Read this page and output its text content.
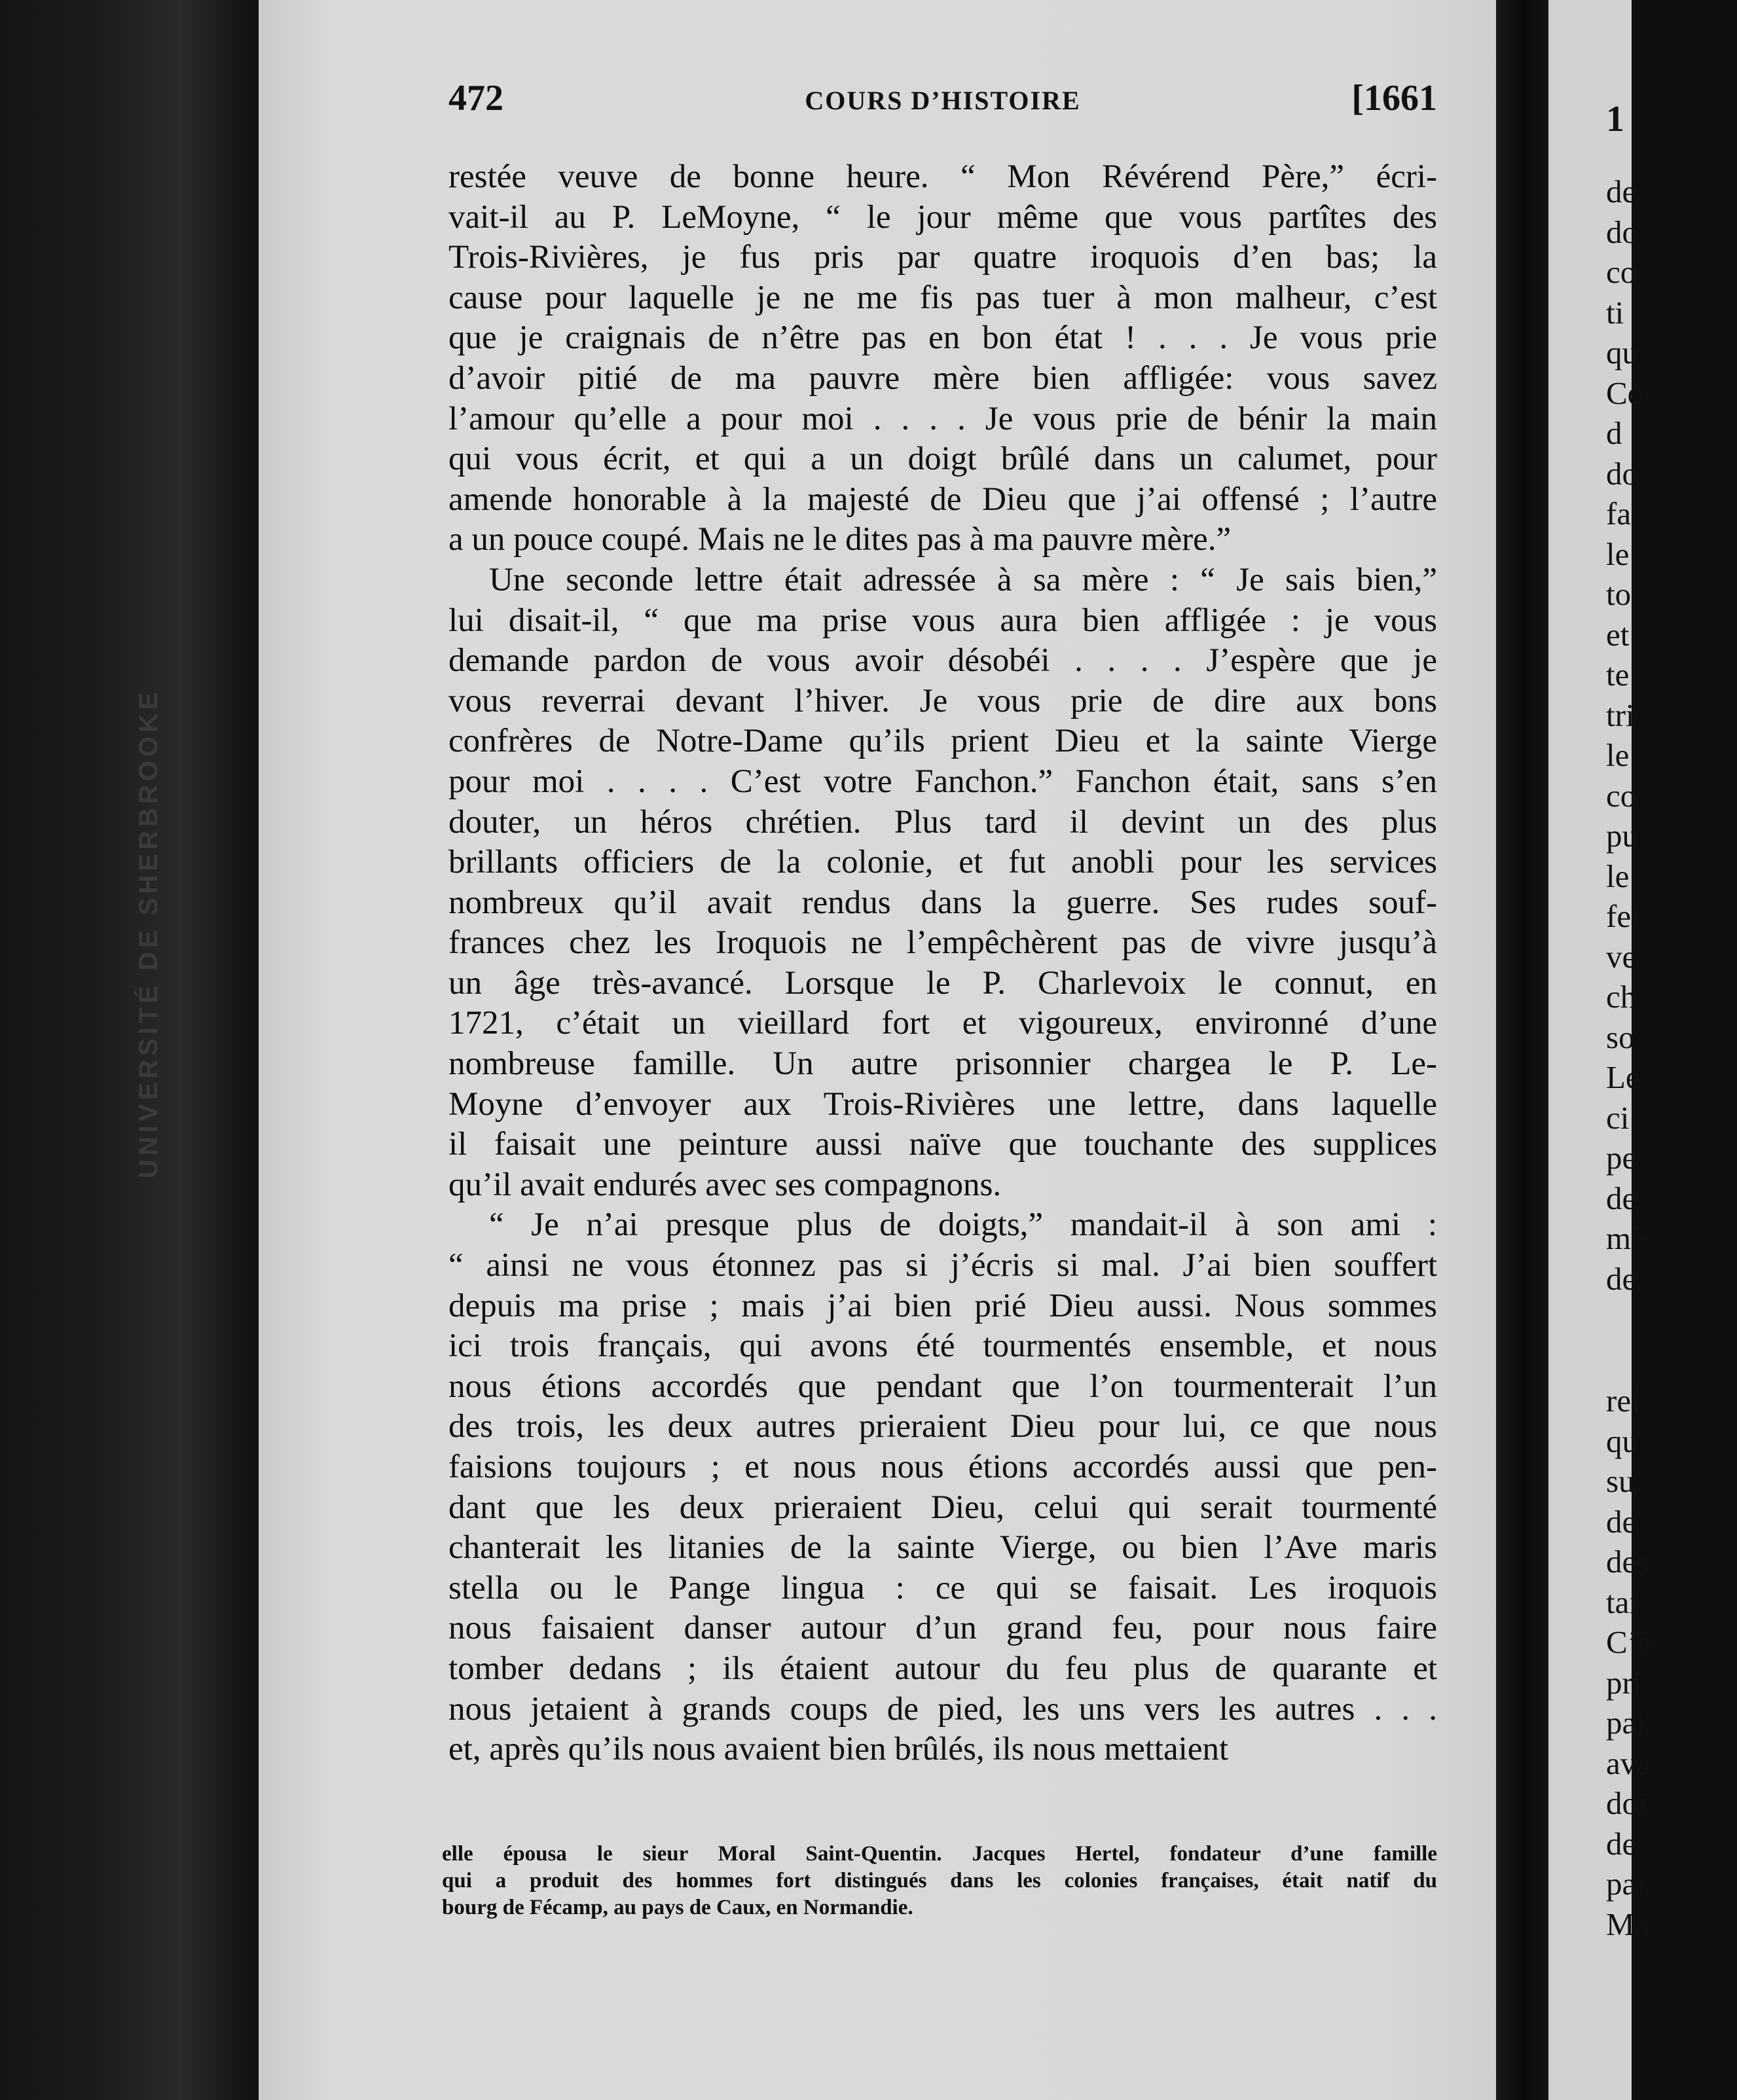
UNIVERSITÉ DE SHERBROOKE
472	COURS D’HISTOIRE	[1661
restée veuve de bonne heure. “ Mon Révérend Père,” écri-
vait-il au P. LeMoyne, “ le jour même que vous partîtes des
Trois-Rivières, je fus pris par quatre iroquois d’en bas; la
cause pour laquelle je ne me fis pas tuer à mon malheur, c’est
que je craignais de n’être pas en bon état ! . . . Je vous prie
d’avoir pitié de ma pauvre mère bien affligée: vous savez
l’amour qu’elle a pour moi . . . . Je vous prie de bénir la main
qui vous écrit, et qui a un doigt brûlé dans un calumet, pour
amende honorable à la majesté de Dieu que j’ai offensé ; l’autre
a un pouce coupé. Mais ne le dites pas à ma pauvre mère.”
Une seconde lettre était adressée à sa mère : “ Je sais bien,”
lui disait-il, “ que ma prise vous aura bien affligée : je vous
demande pardon de vous avoir désobéi . . . . J’espère que je
vous reverrai devant l’hiver. Je vous prie de dire aux bons
confrères de Notre-Dame qu’ils prient Dieu et la sainte Vierge
pour moi . . . . C’est votre Fanchon.” Fanchon était, sans s’en
douter, un héros chrétien. Plus tard il devint un des plus
brillants officiers de la colonie, et fut anobli pour les services
nombreux qu’il avait rendus dans la guerre. Ses rudes souf-
frances chez les Iroquois ne l’empêchèrent pas de vivre jusqu’à
un âge très-avancé. Lorsque le P. Charlevoix le connut, en
1721, c’était un vieillard fort et vigoureux, environné d’une
nombreuse famille. Un autre prisonnier chargea le P. Le-
Moyne d’envoyer aux Trois-Rivières une lettre, dans laquelle
il faisait une peinture aussi naïve que touchante des supplices
qu’il avait endurés avec ses compagnons.
“ Je n’ai presque plus de doigts,” mandait-il à son ami :
“ ainsi ne vous étonnez pas si j’écris si mal. J’ai bien souffert
depuis ma prise ; mais j’ai bien prié Dieu aussi. Nous sommes
ici trois français, qui avons été tourmentés ensemble, et nous
nous étions accordés que pendant que l’on tourmenterait l’un
des trois, les deux autres prieraient Dieu pour lui, ce que nous
faisions toujours ; et nous nous étions accordés aussi que pen-
dant que les deux prieraient Dieu, celui qui serait tourmenté
chanterait les litanies de la sainte Vierge, ou bien l’Ave maris
stella ou le Pange lingua : ce qui se faisait. Les iroquois
nous faisaient danser autour d’un grand feu, pour nous faire
tomber dedans ; ils étaient autour du feu plus de quarante et
nous jetaient à grands coups de pied, les uns vers les autres . . .
et, après qu’ils nous avaient bien brûlés, ils nous mettaient
elle épousa le sieur Moral Saint-Quentin. Jacques Hertel, fondateur d’une famille
qui a produit des hommes fort distingués dans les colonies françaises, était natif du
bourg de Fécamp, au pays de Caux, en Normandie.
1
de
do
co
ti
qu
Co
d
do
fa
le
to
et
te
tri
le
co
pu
le
fei
ve
ch
so
Le
ci
pe
de
mê
de
rei
qu
su
de
des
tai
C’é
pri
pai
ava
doi
de
pai
Ma
